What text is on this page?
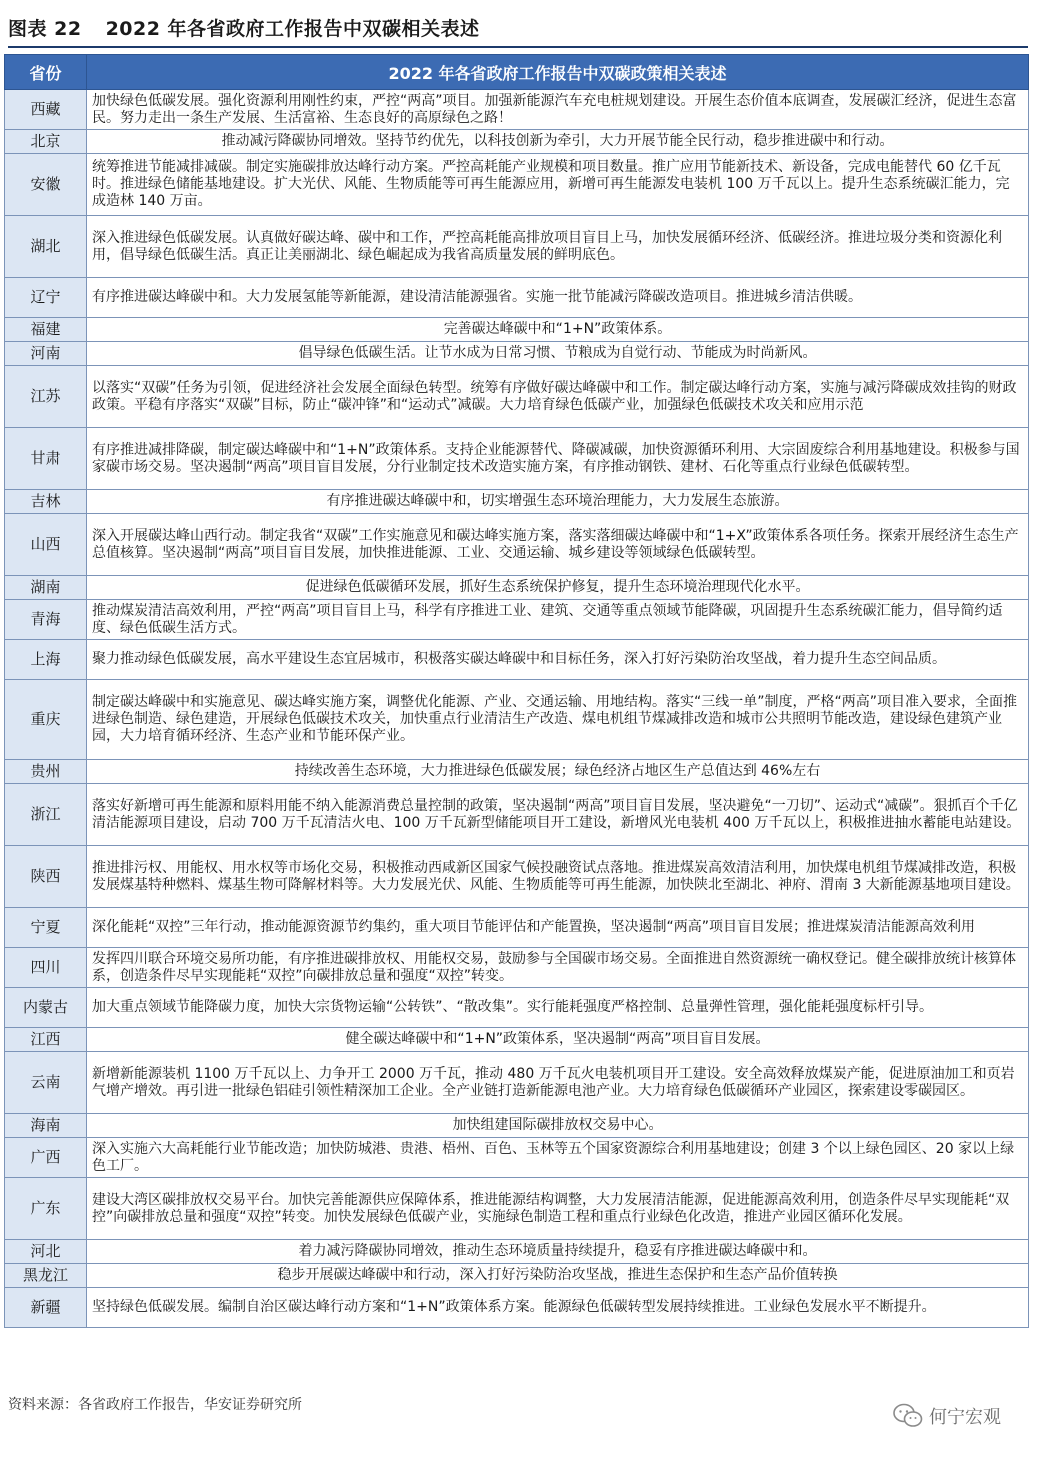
图表 22 2022 年各省政府工作报告中双碳相关表述
省份	2022 年各省政府工作报告中双碳政策相关表述
西藏	加快绿色低碳发展。强化资源利用刚性约束，严控“两高”项目。加强新能源汽车充电桩规划建设。开展生态价值本底调查，发展碳汇经济，促进生态富民。努力走出一条生产发展、生活富裕、生态良好的高原绿色之路！
北京	推动减污降碳协同增效。坚持节约优先，以科技创新为牵引，大力开展节能全民行动，稳步推进碳中和行动。
安徽	统筹推进节能减排减碳。制定实施碳排放达峰行动方案。严控高耗能产业规模和项目数量。推广应用节能新技术、新设备，完成电能替代 60 亿千瓦时。推进绿色储能基地建设。扩大光伏、风能、生物质能等可再生能源应用，新增可再生能源发电装机 100 万千瓦以上。提升生态系统碳汇能力，完成造林 140 万亩。
湖北	深入推进绿色低碳发展。认真做好碳达峰、碳中和工作，严控高耗能高排放项目盲目上马，加快发展循环经济、低碳经济。推进垃圾分类和资源化利用，倡导绿色低碳生活。真正让美丽湖北、绿色崛起成为我省高质量发展的鲜明底色。
辽宁	有序推进碳达峰碳中和。大力发展氢能等新能源，建设清洁能源强省。实施一批节能减污降碳改造项目。推进城乡清洁供暖。
福建	完善碳达峰碳中和“1+N”政策体系。
河南	倡导绿色低碳生活。让节水成为日常习惯、节粮成为自觉行动、节能成为时尚新风。
江苏	以落实“双碳”任务为引领，促进经济社会发展全面绿色转型。统筹有序做好碳达峰碳中和工作。制定碳达峰行动方案，实施与减污降碳成效挂钩的财政政策。平稳有序落实“双碳”目标，防止“碳冲锋”和“运动式”减碳。大力培育绿色低碳产业，加强绿色低碳技术攻关和应用示范
甘肃	有序推进减排降碳，制定碳达峰碳中和“1+N”政策体系。支持企业能源替代、降碳减碳，加快资源循环利用、大宗固废综合利用基地建设。积极参与国家碳市场交易。坚决遏制“两高”项目盲目发展，分行业制定技术改造实施方案，有序推动钢铁、建材、石化等重点行业绿色低碳转型。
吉林	有序推进碳达峰碳中和，切实增强生态环境治理能力，大力发展生态旅游。
山西	深入开展碳达峰山西行动。制定我省“双碳”工作实施意见和碳达峰实施方案，落实落细碳达峰碳中和“1+X”政策体系各项任务。探索开展经济生态生产总值核算。坚决遏制“两高”项目盲目发展，加快推进能源、工业、交通运输、城乡建设等领域绿色低碳转型。
湖南	促进绿色低碳循环发展，抓好生态系统保护修复，提升生态环境治理现代化水平。
青海	推动煤炭清洁高效利用，严控“两高”项目盲目上马，科学有序推进工业、建筑、交通等重点领域节能降碳，巩固提升生态系统碳汇能力，倡导简约适度、绿色低碳生活方式。
上海	聚力推动绿色低碳发展，高水平建设生态宜居城市，积极落实碳达峰碳中和目标任务，深入打好污染防治攻坚战，着力提升生态空间品质。
重庆	制定碳达峰碳中和实施意见、碳达峰实施方案，调整优化能源、产业、交通运输、用地结构。落实“三线一单”制度，严格“两高”项目准入要求，全面推进绿色制造、绿色建造，开展绿色低碳技术攻关，加快重点行业清洁生产改造、煤电机组节煤减排改造和城市公共照明节能改造，建设绿色建筑产业园，大力培育循环经济、生态产业和节能环保产业。
贵州	持续改善生态环境，大力推进绿色低碳发展；绿色经济占地区生产总值达到 46%左右
浙江	落实好新增可再生能源和原料用能不纳入能源消费总量控制的政策，坚决遏制“两高”项目盲目发展，坚决避免“一刀切”、运动式“减碳”。狠抓百个千亿清洁能源项目建设，启动 700 万千瓦清洁火电、100 万千瓦新型储能项目开工建设，新增风光电装机 400 万千瓦以上，积极推进抽水蓄能电站建设。
陕西	推进排污权、用能权、用水权等市场化交易，积极推动西咸新区国家气候投融资试点落地。推进煤炭高效清洁利用，加快煤电机组节煤减排改造，积极发展煤基特种燃料、煤基生物可降解材料等。大力发展光伏、风能、生物质能等可再生能源，加快陕北至湖北、神府、渭南 3 大新能源基地项目建设。
宁夏	深化能耗“双控”三年行动，推动能源资源节约集约，重大项目节能评估和产能置换，坚决遏制“两高”项目盲目发展；推进煤炭清洁能源高效利用
四川	发挥四川联合环境交易所功能，有序推进碳排放权、用能权交易，鼓励参与全国碳市场交易。全面推进自然资源统一确权登记。健全碳排放统计核算体系，创造条件尽早实现能耗“双控”向碳排放总量和强度“双控”转变。
内蒙古	加大重点领域节能降碳力度，加快大宗货物运输“公转铁”、“散改集”。实行能耗强度严格控制、总量弹性管理，强化能耗强度标杆引导。
江西	健全碳达峰碳中和“1+N”政策体系，坚决遏制“两高”项目盲目发展。
云南	新增新能源装机 1100 万千瓦以上、力争开工 2000 万千瓦，推动 480 万千瓦火电装机项目开工建设。安全高效释放煤炭产能，促进原油加工和页岩气增产增效。再引进一批绿色铝硅引领性精深加工企业。全产业链打造新能源电池产业。大力培育绿色低碳循环产业园区，探索建设零碳园区。
海南	加快组建国际碳排放权交易中心。
广西	深入实施六大高耗能行业节能改造；加快防城港、贵港、梧州、百色、玉林等五个国家资源综合利用基地建设；创建 3 个以上绿色园区、20 家以上绿色工厂。
广东	建设大湾区碳排放权交易平台。加快完善能源供应保障体系，推进能源结构调整，大力发展清洁能源，促进能源高效利用，创造条件尽早实现能耗“双控”向碳排放总量和强度“双控”转变。加快发展绿色低碳产业，实施绿色制造工程和重点行业绿色化改造，推进产业园区循环化发展。
河北	着力减污降碳协同增效，推动生态环境质量持续提升，稳妥有序推进碳达峰碳中和。
黑龙江	稳步开展碳达峰碳中和行动，深入打好污染防治攻坚战，推进生态保护和生态产品价值转换
新疆	坚持绿色低碳发展。编制自治区碳达峰行动方案和“1+N”政策体系方案。能源绿色低碳转型发展持续推进。工业绿色发展水平不断提升。
资料来源：各省政府工作报告，华安证券研究所
何宁宏观
